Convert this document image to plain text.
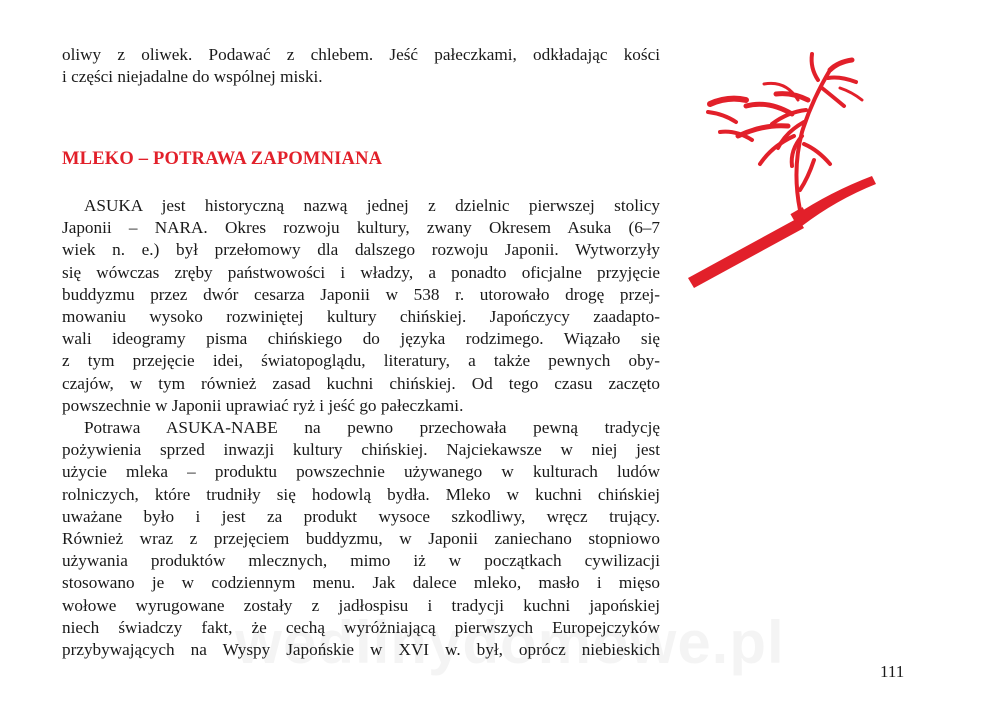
oliwy z oliwek. Podawać z chlebem. Jeść pałeczkami, odkładając kości
i części niejadalne do wspólnej miski.
MLEKO – POTRAWA ZAPOMNIANA
ASUKA jest historyczną nazwą jednej z dzielnic pierwszej stolicy
Japonii – NARA. Okres rozwoju kultury, zwany Okresem Asuka (6–7
wiek n. e.) był przełomowy dla dalszego rozwoju Japonii. Wytworzyły
się wówczas zręby państwowości i władzy, a ponadto oficjalne przyjęcie
buddyzmu przez dwór cesarza Japonii w 538 r. utorowało drogę przej-
mowaniu wysoko rozwiniętej kultury chińskiej. Japończycy zaadapto-
wali ideogramy pisma chińskiego do języka rodzimego. Wiązało się
z tym przejęcie idei, światopoglądu, literatury, a także pewnych oby-
czajów, w tym również zasad kuchni chińskiej. Od tego czasu zaczęto
powszechnie w Japonii uprawiać ryż i jeść go pałeczkami.
Potrawa ASUKA-NABE na pewno przechowała pewną tradycję
pożywienia sprzed inwazji kultury chińskiej. Najciekawsze w niej jest
użycie mleka – produktu powszechnie używanego w kulturach ludów
rolniczych, które trudniły się hodowlą bydła. Mleko w kuchni chińskiej
uważane było i jest za produkt wysoce szkodliwy, wręcz trujący.
Również wraz z przejęciem buddyzmu, w Japonii zaniechano stopniowo
używania produktów mlecznych, mimo iż w początkach cywilizacji
stosowano je w codziennym menu. Jak dalece mleko, masło i mięso
wołowe wyrugowane zostały z jadłospisu i tradycji kuchni japońskiej
niech świadczy fakt, że cechą wyróżniającą pierwszych Europejczyków
przybywających na Wyspy Japońskie w XVI w. był, oprócz niebieskich
111
